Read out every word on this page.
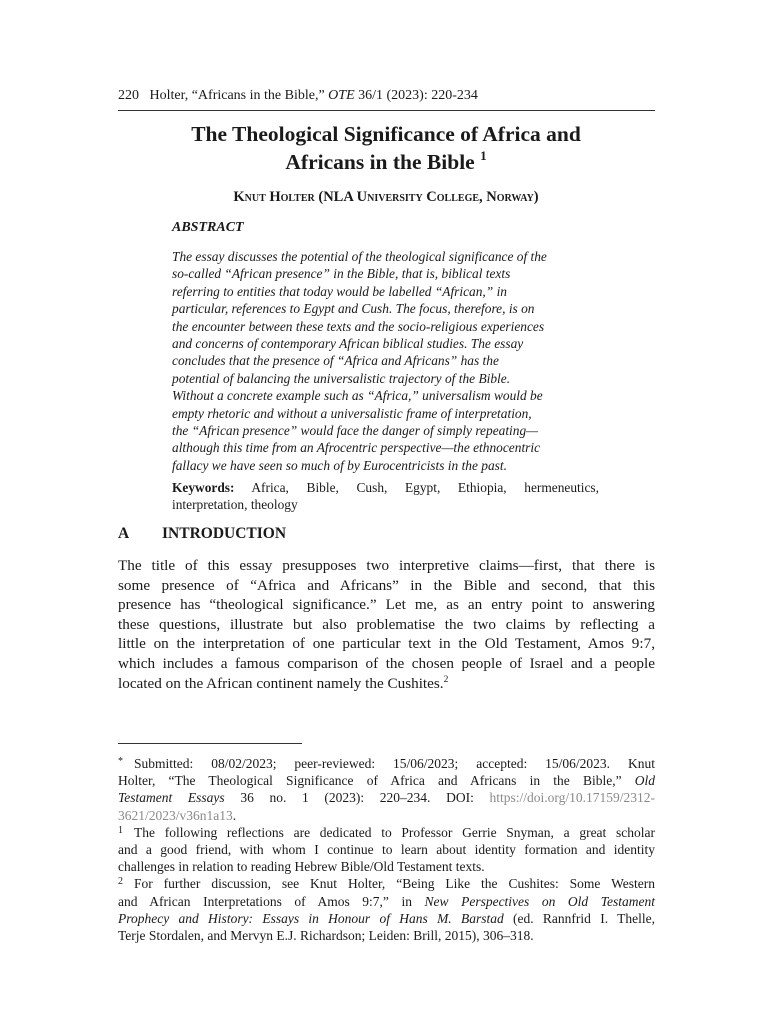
220 Holter, “Africans in the Bible,” OTE 36/1 (2023): 220-234
The Theological Significance of Africa and
Africans in the Bible $^1$
Knut Holter (NLA University College, Norway)
ABSTRACT
The essay discusses the potential of the theological significance of the
so-called “African presence” in the Bible, that is, biblical texts
referring to entities that today would be labelled “African,” in
particular, references to Egypt and Cush. The focus, therefore, is on
the encounter between these texts and the socio-religious experiences
and concerns of contemporary African biblical studies. The essay
concludes that the presence of “Africa and Africans” has the
potential of balancing the universalistic trajectory of the Bible.
Without a concrete example such as “Africa,” universalism would be
empty rhetoric and without a universalistic frame of interpretation,
the “African presence” would face the danger of simply repeating—
although this time from an Afrocentric perspective—the ethnocentric
fallacy we have seen so much of by Eurocentricists in the past.
Keywords: Africa, Bible, Cush, Egypt, Ethiopia, hermeneutics,
interpretation, theology
A INTRODUCTION
The title of this essay presupposes two interpretive claims—first, that there is
some presence of “Africa and Africans” in the Bible and second, that this
presence has “theological significance.” Let me, as an entry point to answering
these questions, illustrate but also problematise the two claims by reflecting a
little on the interpretation of one particular text in the Old Testament, Amos 9:7,
which includes a famous comparison of the chosen people of Israel and a people
located on the African continent namely the Cushites.$^2$
* Submitted: 08/02/2023; peer-reviewed: 15/06/2023; accepted: 15/06/2023. Knut
Holter, “The Theological Significance of Africa and Africans in the Bible,” Old
Testament Essays 36 no. 1 (2023): 220–234. DOI: https://doi.org/10.17159/2312-
3621/2023/v36n1a13.
1 The following reflections are dedicated to Professor Gerrie Snyman, a great scholar
and a good friend, with whom I continue to learn about identity formation and identity
challenges in relation to reading Hebrew Bible/Old Testament texts.
2 For further discussion, see Knut Holter, “Being Like the Cushites: Some Western
and African Interpretations of Amos 9:7,” in New Perspectives on Old Testament
Prophecy and History: Essays in Honour of Hans M. Barstad (ed. Rannfrid I. Thelle,
Terje Stordalen, and Mervyn E.J. Richardson; Leiden: Brill, 2015), 306–318.
